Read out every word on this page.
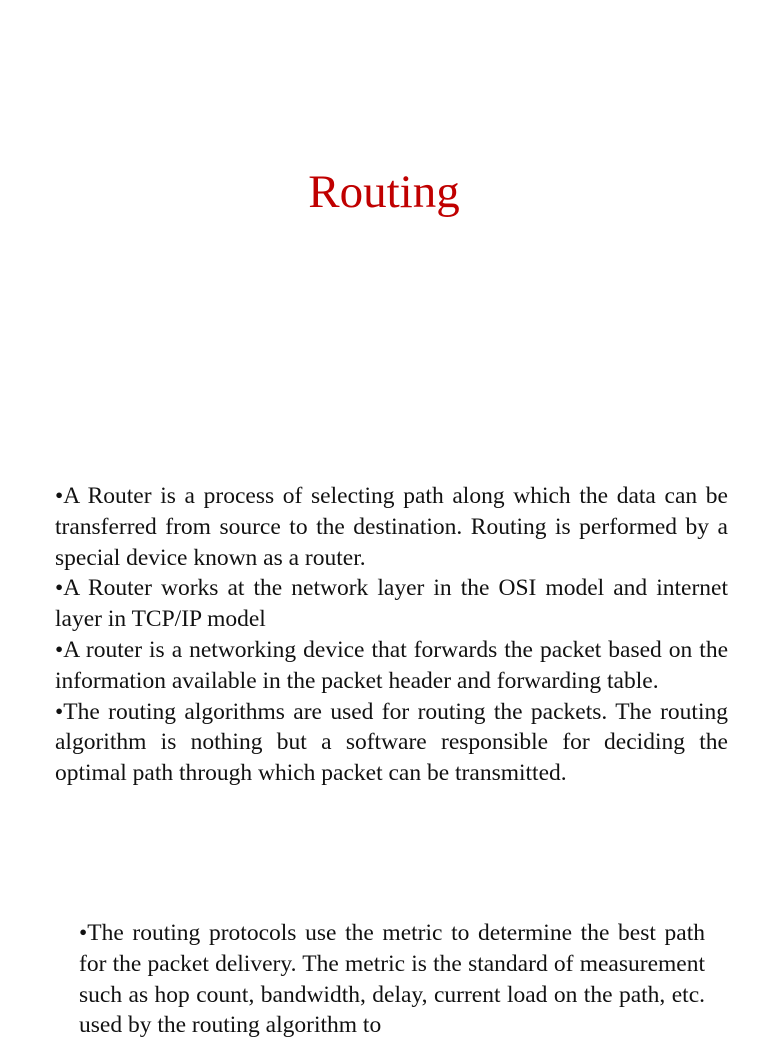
Routing

•A Router is a process of selecting path along which the data can be transferred from source to the destination. Routing is performed by a special device known as a router.

•A Router works at the network layer in the OSI model and internet layer in TCP/IP model

•A router is a networking device that forwards the packet based on the information available in the packet header and forwarding table.

•The routing algorithms are used for routing the packets. The routing algorithm is nothing but a software responsible for deciding the optimal path through which packet can be transmitted.

•The routing protocols use the metric to determine the best path for the packet delivery. The metric is the standard of measurement such as hop count, bandwidth, delay, current load on the path, etc. used by the routing algorithm to
